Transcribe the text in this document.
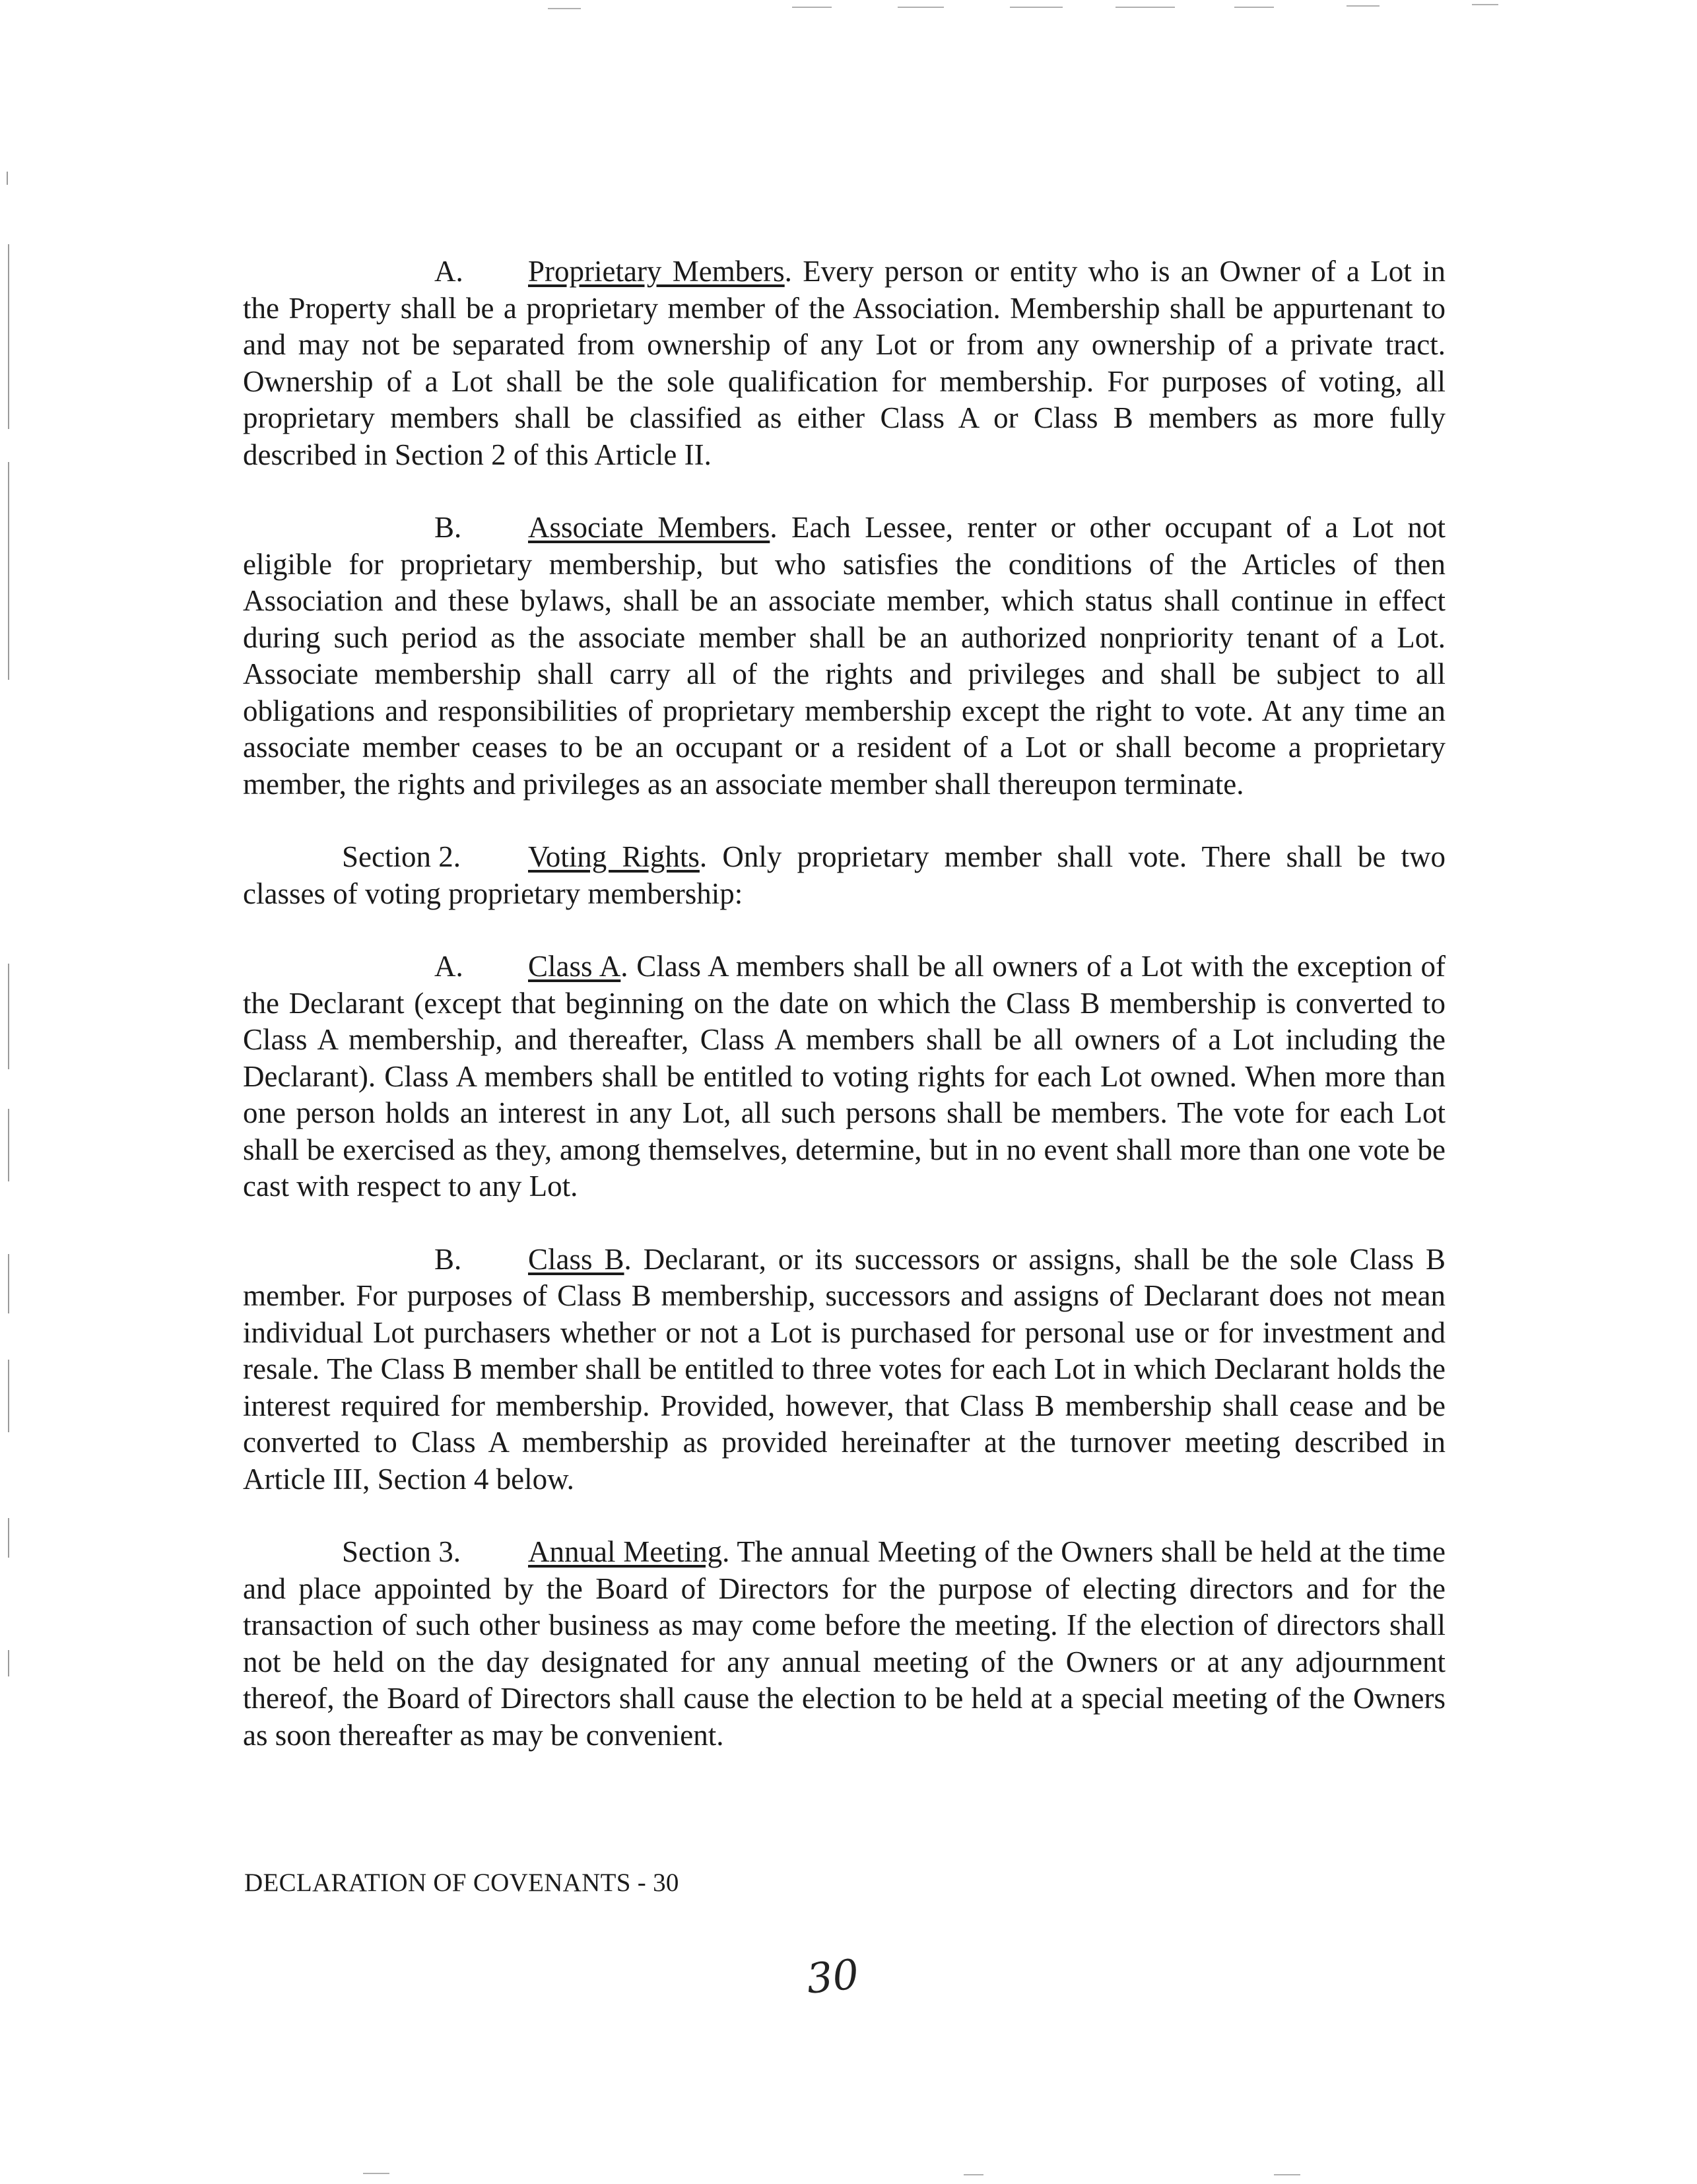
A. Proprietary Members. Every person or entity who is an Owner of a Lot in the Property shall be a proprietary member of the Association. Membership shall be appurtenant to and may not be separated from ownership of any Lot or from any ownership of a private tract. Ownership of a Lot shall be the sole qualification for membership. For purposes of voting, all proprietary members shall be classified as either Class A or Class B members as more fully described in Section 2 of this Article II.

B. Associate Members. Each Lessee, renter or other occupant of a Lot not eligible for proprietary membership, but who satisfies the conditions of the Articles of then Association and these bylaws, shall be an associate member, which status shall continue in effect during such period as the associate member shall be an authorized nonpriority tenant of a Lot. Associate membership shall carry all of the rights and privileges and shall be subject to all obligations and responsibilities of proprietary membership except the right to vote. At any time an associate member ceases to be an occupant or a resident of a Lot or shall become a proprietary member, the rights and privileges as an associate member shall thereupon terminate.

Section 2. Voting Rights. Only proprietary member shall vote. There shall be two classes of voting proprietary membership:

A. Class A. Class A members shall be all owners of a Lot with the exception of the Declarant (except that beginning on the date on which the Class B membership is converted to Class A membership, and thereafter, Class A members shall be all owners of a Lot including the Declarant). Class A members shall be entitled to voting rights for each Lot owned. When more than one person holds an interest in any Lot, all such persons shall be members. The vote for each Lot shall be exercised as they, among themselves, determine, but in no event shall more than one vote be cast with respect to any Lot.

B. Class B. Declarant, or its successors or assigns, shall be the sole Class B member. For purposes of Class B membership, successors and assigns of Declarant does not mean individual Lot purchasers whether or not a Lot is purchased for personal use or for investment and resale. The Class B member shall be entitled to three votes for each Lot in which Declarant holds the interest required for membership. Provided, however, that Class B membership shall cease and be converted to Class A membership as provided hereinafter at the turnover meeting described in Article III, Section 4 below.

Section 3. Annual Meeting. The annual Meeting of the Owners shall be held at the time and place appointed by the Board of Directors for the purpose of electing directors and for the transaction of such other business as may come before the meeting. If the election of directors shall not be held on the day designated for any annual meeting of the Owners or at any adjournment thereof, the Board of Directors shall cause the election to be held at a special meeting of the Owners as soon thereafter as may be convenient.

DECLARATION OF COVENANTS - 30
30
